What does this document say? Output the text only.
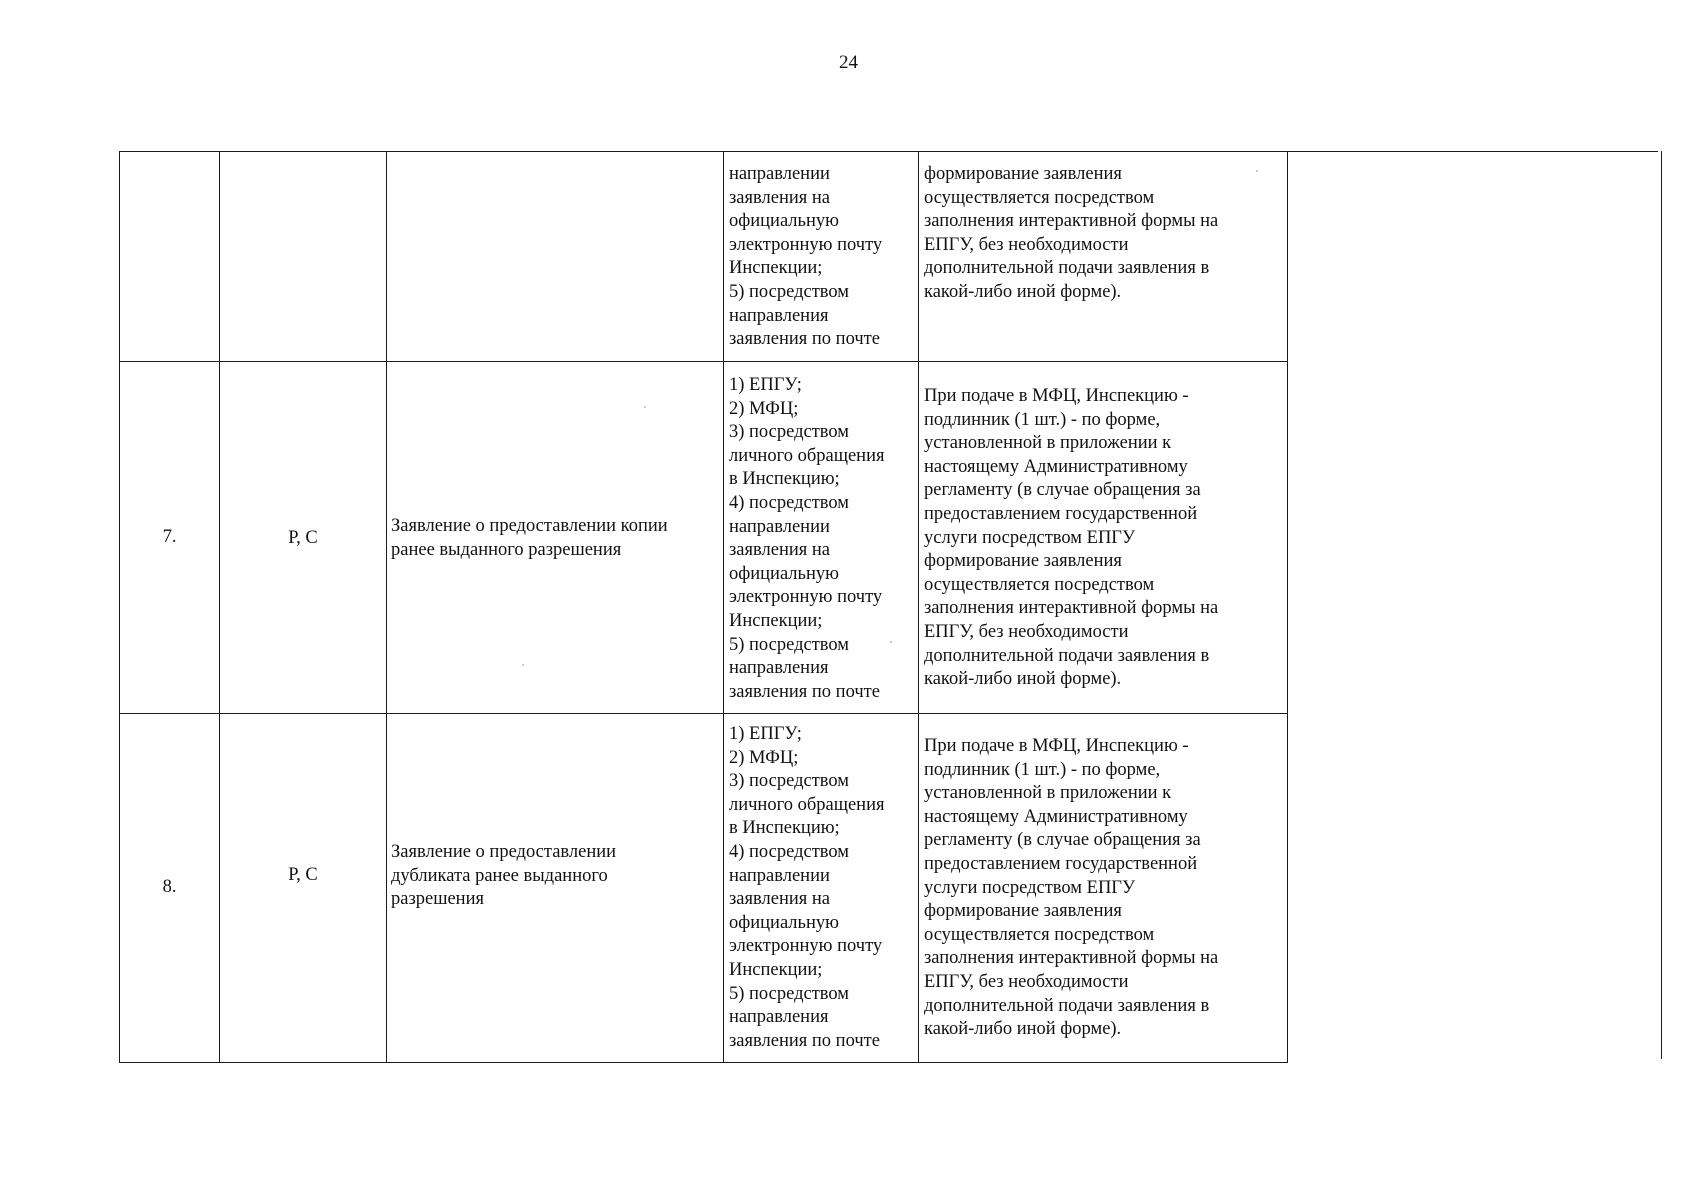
24
направлении
заявления на
официальную
электронную почту
Инспекции;
5) посредством
направления
заявления по почте
формирование заявления
осуществляется посредством
заполнения интерактивной формы на
ЕПГУ, без необходимости
дополнительной подачи заявления в
какой-либо иной форме).
7.	Р, С
Заявление о предоставлении копии
ранее выданного разрешения
1) ЕПГУ;
2) МФЦ;
3) посредством
личного обращения
в Инспекцию;
4) посредством
направлении
заявления на
официальную
электронную почту
Инспекции;
5) посредством
направления
заявления по почте
При подаче в МФЦ, Инспекцию -
подлинник (1 шт.) - по форме,
установленной в приложении к
настоящему Административному
регламенту (в случае обращения за
предоставлением государственной
услуги посредством ЕПГУ
формирование заявления
осуществляется посредством
заполнения интерактивной формы на
ЕПГУ, без необходимости
дополнительной подачи заявления в
какой-либо иной форме).
8.
Р, С
Заявление о предоставлении
дубликата ранее выданного
разрешения
1) ЕПГУ;
2) МФЦ;
3) посредством
личного обращения
в Инспекцию;
4) посредством
направлении
заявления на
официальную
электронную почту
Инспекции;
5) посредством
направления
заявления по почте
При подаче в МФЦ, Инспекцию -
подлинник (1 шт.) - по форме,
установленной в приложении к
настоящему Административному
регламенту (в случае обращения за
предоставлением государственной
услуги посредством ЕПГУ
формирование заявления
осуществляется посредством
заполнения интерактивной формы на
ЕПГУ, без необходимости
дополнительной подачи заявления в
какой-либо иной форме).
